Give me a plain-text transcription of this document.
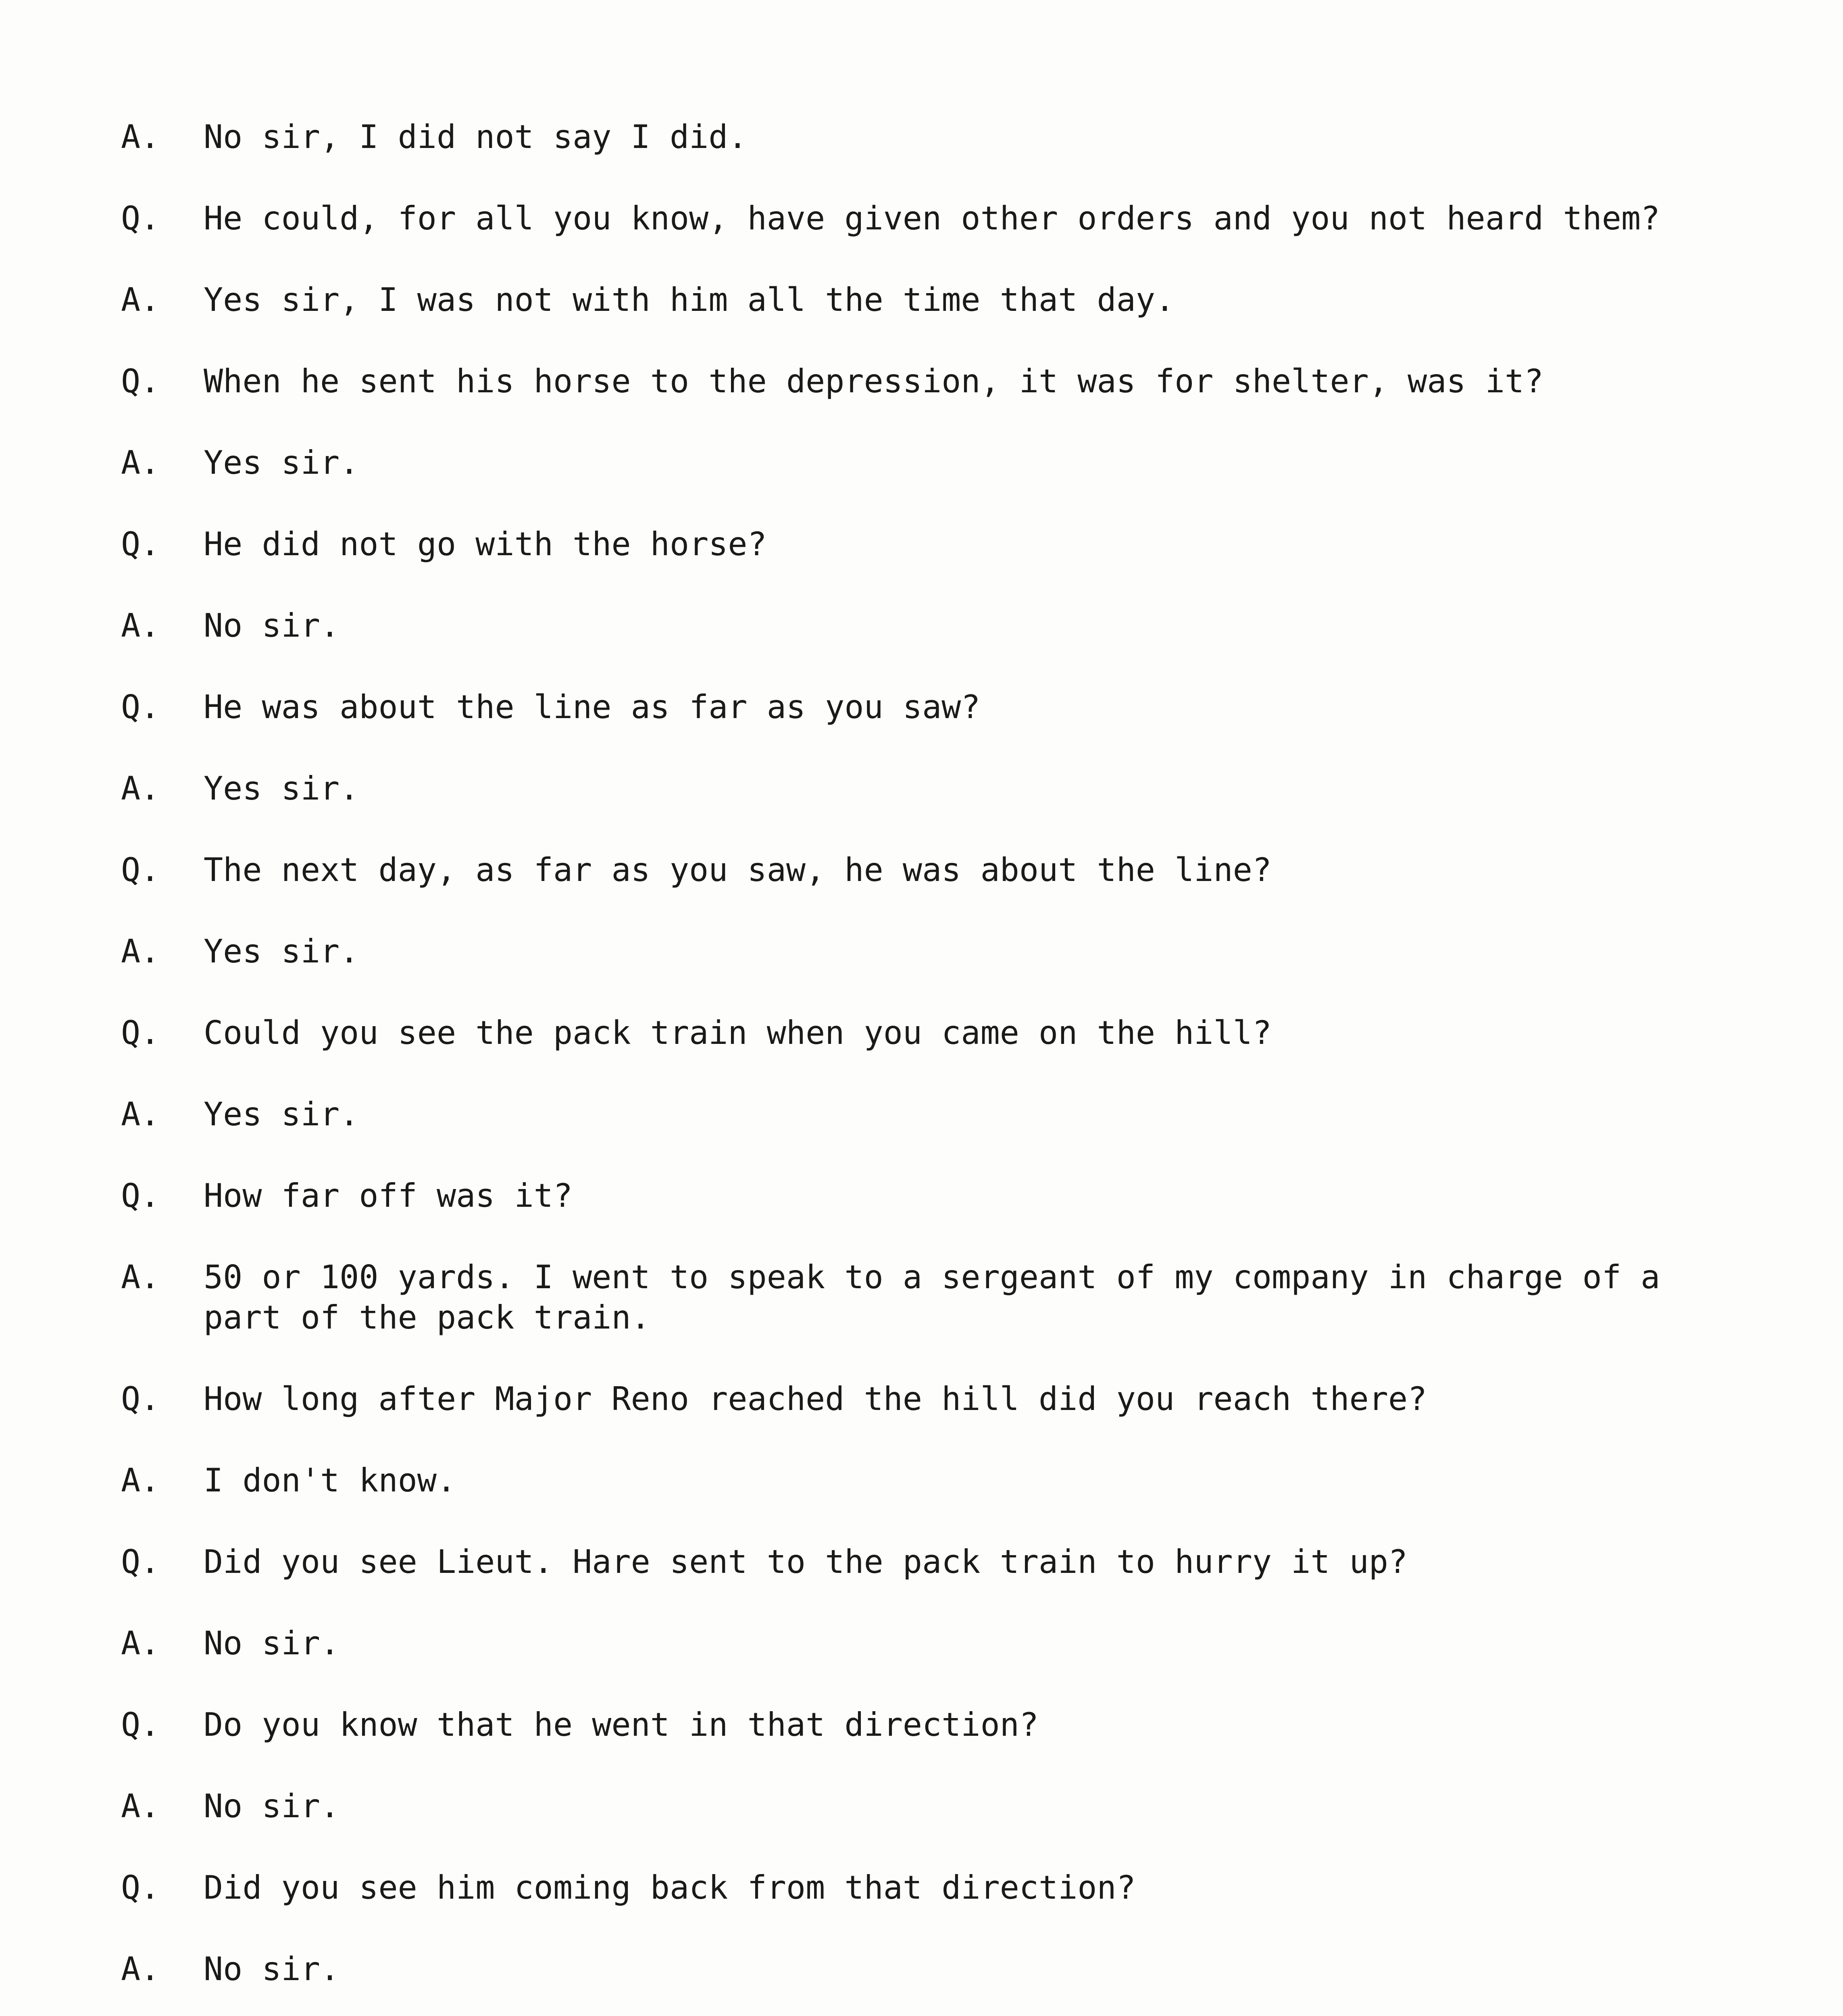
A.	No sir, I did not say I did.
Q.	He could, for all you know, have given other orders and you not heard them?
A.	Yes sir, I was not with him all the time that day.
Q.	When he sent his horse to the depression, it was for shelter, was it?
A.	Yes sir.
Q.	He did not go with the horse?
A.	No sir.
Q.	He was about the line as far as you saw?
A.	Yes sir.
Q.	The next day, as far as you saw, he was about the line?
A.	Yes sir.
Q.	Could you see the pack train when you came on the hill?
A.	Yes sir.
Q.	How far off was it?
A.	50 or 100 yards. I went to speak to a sergeant of my company in charge of a part of the pack train.
Q.	How long after Major Reno reached the hill did you reach there?
A.	I don't know.
Q.	Did you see Lieut. Hare sent to the pack train to hurry it up?
A.	No sir.
Q.	Do you know that he went in that direction?
A.	No sir.
Q.	Did you see him coming back from that direction?
A.	No sir.
